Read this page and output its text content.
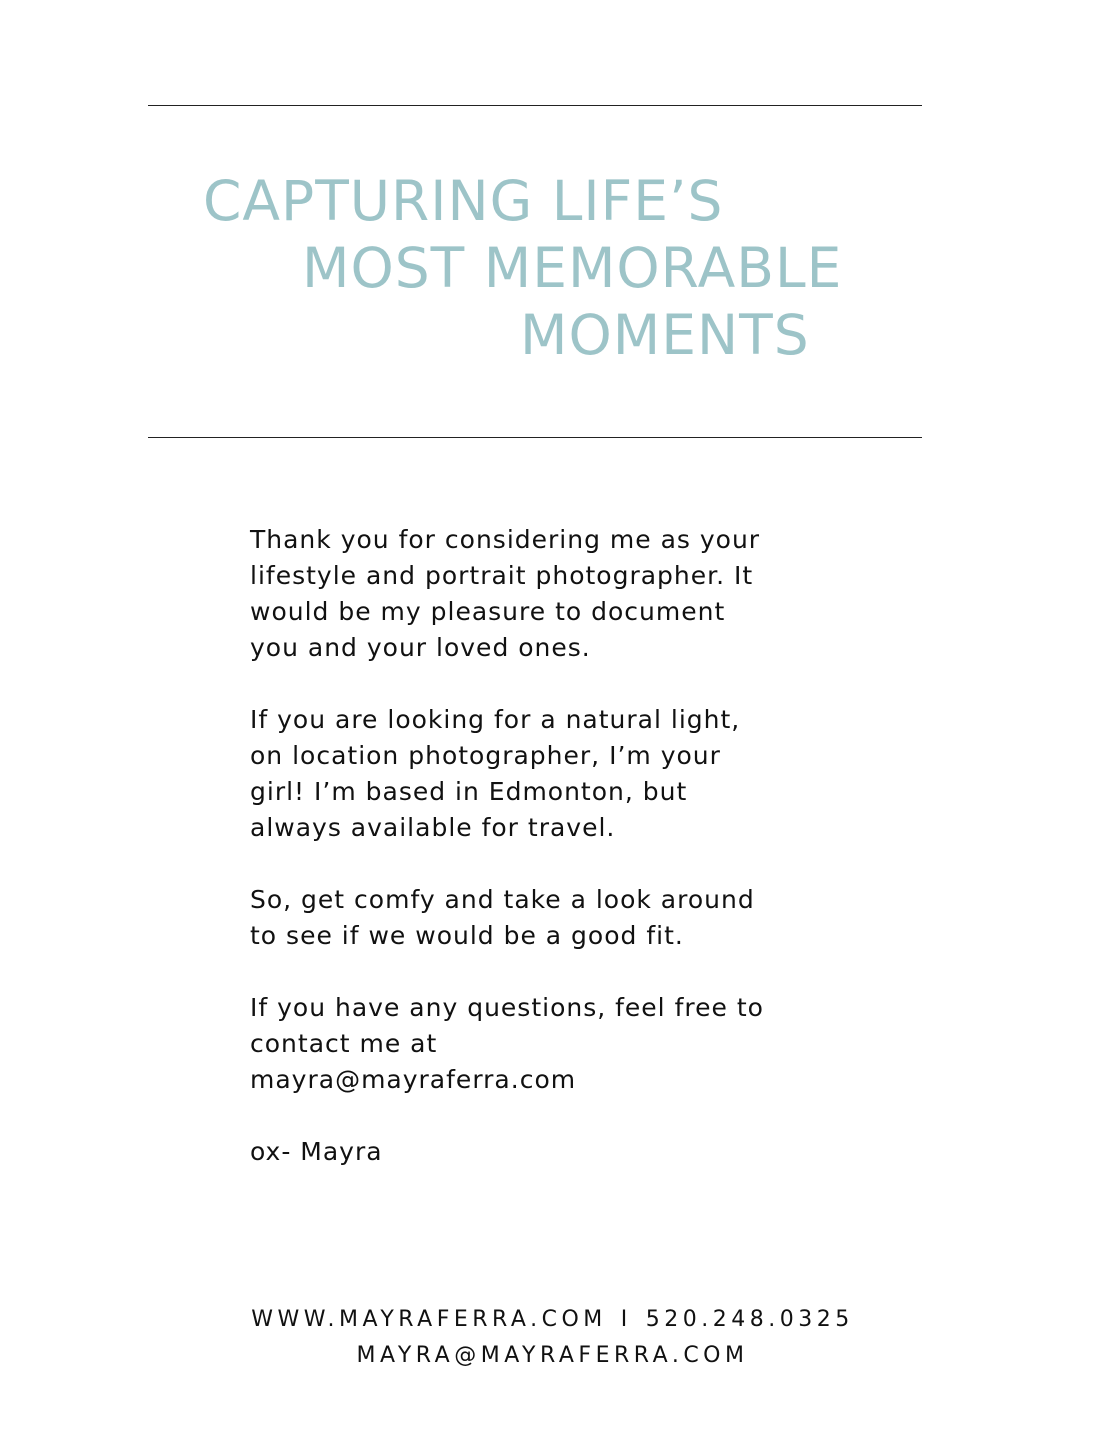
CAPTURING LIFE’S
MOST MEMORABLE
MOMENTS

Thank you for considering me as your
lifestyle and portrait photographer. It
would be my pleasure to document
you and your loved ones.

If you are looking for a natural light,
on location photographer, I’m your
girl! I’m based in Edmonton, but
always available for travel.

So, get comfy and take a look around
to see if we would be a good fit.

If you have any questions, feel free to
contact me at
mayra@mayraferra.com

ox- Mayra

WWW.MAYRAFERRA.COM I 520.248.0325
MAYRA@MAYRAFERRA.COM
